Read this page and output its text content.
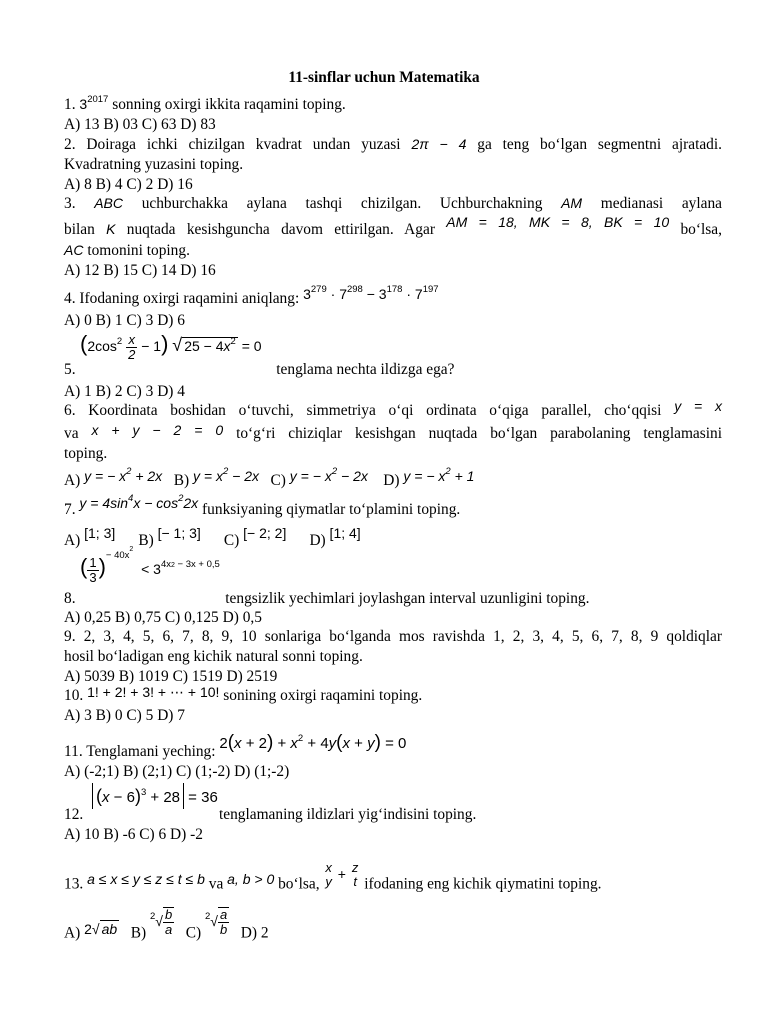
11-sinflar uchun Matematika
1. $3^{2017}$ sonning oxirgi ikkita raqamini toping.
A) 13 B) 03 C) 63 D) 83
2. Doiraga ichki chizilgan kvadrat undan yuzasi 2π − 4 ga teng bo‘lgan segmentni ajratadi.
Kvadratning yuzasini toping.
A) 8 B) 4 C) 2 D) 16
3. ABC uchburchakka aylana tashqi chizilgan. Uchburchakning AM medianasi aylana
bilan K nuqtada kesishguncha davom ettirilgan. Agar AM = 18, MK = 8, BK = 10 bo‘lsa,
AC tomonini toping.
A) 12 B) 15 C) 14 D) 16
4. Ifodaning oxirgi raqamini aniqlang: $3^{279} \cdot 7^{298} - 3^{178} \cdot 7^{197}$
A) 0 B) 1 C) 3 D) 6
$(2\cos^2 \frac{x}{2} - 1)$ √ $25 - 4x^2 = 0$
5.	tenglama nechta ildizga ega?
A) 1 B) 2 C) 3 D) 4
6. Koordinata boshidan o‘tuvchi, simmetriya o‘qi ordinata o‘qiga parallel, cho‘qqisi y = x
va x + y − 2 = 0 to‘g‘ri chiziqlar kesishgan nuqtada bo‘lgan parabolaning tenglamasini
toping.
A) y = − $x^2 + 2x$ B) $y = x^2 - 2x$ C) y = − $x^2 - 2x$ D) y = − $x^2 + 1$
7. $y = 4\sin^4x - \cos^22x$ funksiyaning qiymatlar to‘plamini toping.
A) [1; 3] B) [− 1; 3] C) [− 2; 2] D) [1; 4]
( $\frac{1}{3} )^{- 40x^2} < 3^{4x2 - 3x + 0,5}$
8.	tengsizlik yechimlari joylashgan interval uzunligini toping.
A) 0,25 B) 0,75 C) 0,125 D) 0,5
9. 2, 3, 4, 5, 6, 7, 8, 9, 10 sonlariga bo‘lganda mos ravishda 1, 2, 3, 4, 5, 6, 7, 8, 9 qoldiqlar
hosil bo‘ladigan eng kichik natural sonni toping.
A) 5039 B) 1019 C) 1519 D) 2519
10. 1! + 2! + 3! + ⋯ + 10! sonining oxirgi raqamini toping.
A) 3 B) 0 C) 5 D) 7
11. Tenglamani yeching: $2(x + 2) + x^2 + 4y(x + y) = 0$
A) (-2;1) B) (2;1) C) (1;-2) D) (1;-2)
$(x - 6)^3 + 28 = 36$
12.	tenglamaning ildizlari yig‘indisini toping.
A) 10 B) -6 C) 6 D) -2
13. a ≤ x ≤ y ≤ z ≤ t ≤ b va a, b > 0 bo‘lsa,
x
y + z
t ifodaning eng kichik qiymatini toping.
A) 2√ ab B) $^2√ \frac{b}{a} C$) $^2√ \frac{a}{b} D$) 2
